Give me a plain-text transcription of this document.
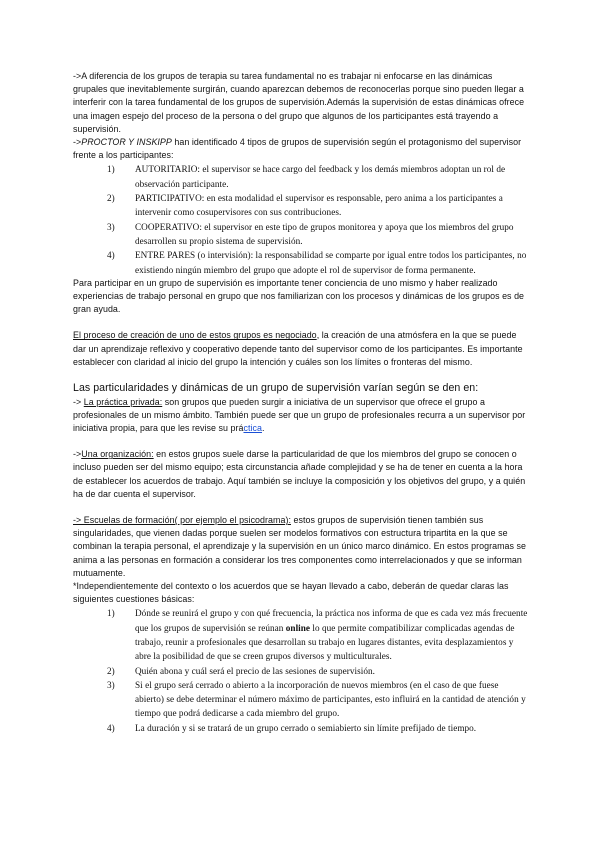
->A diferencia de los grupos de terapia su tarea fundamental no es trabajar ni enfocarse en las dinámicas grupales que inevitablemente surgirán, cuando aparezcan debemos de reconocerlas porque sino pueden llegar a interferir con la tarea fundamental de los grupos de supervisión.Además la supervisión de estas dinámicas ofrece una imagen espejo del proceso de la persona o del grupo que algunos de los participantes está trayendo a supervisión.

->PROCTOR Y INSKIPP han identificado 4 tipos de grupos de supervisión según el protagonismo del supervisor frente a los participantes:

1) AUTORITARIO: el supervisor se hace cargo del feedback y los demás miembros adoptan un rol de observación participante.
2) PARTICIPATIVO: en esta modalidad el supervisor es responsable, pero anima a los participantes a intervenir como cosupervisores con sus contribuciones.
3) COOPERATIVO: el supervisor en este tipo de grupos monitorea y apoya que los miembros del grupo desarrollen su propio sistema de supervisión.
4) ENTRE PARES (o intervisión): la responsabilidad se comparte por igual entre todos los participantes, no existiendo ningún miembro del grupo que adopte el rol de supervisor de forma permanente.

Para participar en un grupo de supervisión es importante tener conciencia de uno mismo y haber realizado experiencias de trabajo personal en grupo que nos familiarizan con los procesos y dinámicas de los grupos es de gran ayuda.

El proceso de creación de uno de estos grupos es negociado, la creación de una atmósfera en la que se puede dar un aprendizaje reflexivo y cooperativo depende tanto del supervisor como de los participantes. Es importante establecer con claridad al inicio del grupo la intención y cuáles son los límites o fronteras del mismo.

Las particularidades y dinámicas de un grupo de supervisión varían según se den en:

-> La práctica privada: son grupos que pueden surgir a iniciativa de un supervisor que ofrece el grupo a profesionales de un mismo ámbito. También puede ser que un grupo de profesionales recurra a un supervisor por iniciativa propia, para que les revise su práctica.

->Una organización: en estos grupos suele darse la particularidad de que los miembros del grupo se conocen o incluso pueden ser del mismo equipo; esta circunstancia añade complejidad y se ha de tener en cuenta a la hora de establecer los acuerdos de trabajo. Aquí también se incluye la composición y los objetivos del grupo, y a quién ha de dar cuenta el supervisor.

-> Escuelas de formación( por ejemplo el psicodrama): estos grupos de supervisión tienen también sus singularidades, que vienen dadas porque suelen ser modelos formativos con estructura tripartita en la que se combinan la terapia personal, el aprendizaje y la supervisión en un único marco dinámico. En estos programas se anima a las personas en formación a considerar los tres componentes como interrelacionados y que se informan mutuamente.

*Independientemente del contexto o los acuerdos que se hayan llevado a cabo, deberán de quedar claras las siguientes cuestiones básicas:

1) Dónde se reunirá el grupo y con qué frecuencia, la práctica nos informa de que es cada vez más frecuente que los grupos de supervisión se reúnan online lo que permite compatibilizar complicadas agendas de trabajo, reunir a profesionales que desarrollan su trabajo en lugares distantes, evita desplazamientos y abre la posibilidad de que se creen grupos diversos y multiculturales.
2) Quién abona y cuál será el precio de las sesiones de supervisión.
3) Si el grupo será cerrado o abierto a la incorporación de nuevos miembros (en el caso de que fuese abierto) se debe determinar el número máximo de participantes, esto influirá en la cantidad de atención y tiempo que podrá dedicarse a cada miembro del grupo.
4) La duración y si se tratará de un grupo cerrado o semiabierto sin límite prefijado de tiempo.
